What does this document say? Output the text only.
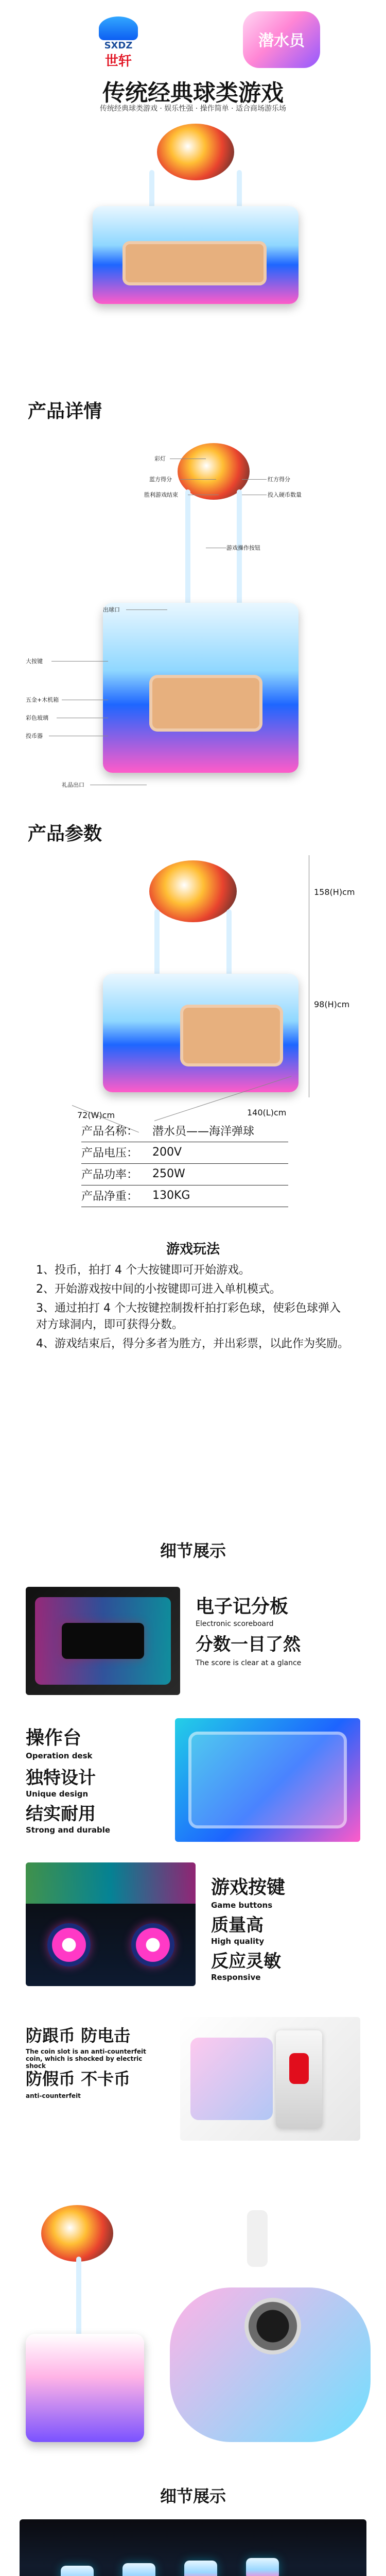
SXDZ
世轩
潜水员
传统经典球类游戏
传统经典球类游戏 · 娱乐性强 · 操作简单 · 适合商场游乐场
产品详情
彩灯
蓝方得分	红方得分
胜利游戏结束	投入硬币数量
游戏操作按钮
出球口
大按键
五金+木机箱
彩色玻璃
投币器
礼品出口
产品参数
158(H)cm
98(H)cm
72(W)cm	140(L)cm
产品名称：	潜水员——海洋弹球
产品电压：	200V
产品功率：	250W
产品净重：	130KG
游戏玩法
1、投币，拍打 4 个大按键即可开始游戏。
2、开始游戏按中间的小按键即可进入单机模式。
3、通过拍打 4 个大按键控制拨杆拍打彩色球，使彩色球弹入对方球洞内，即可获得分数。
4、游戏结束后，得分多者为胜方，并出彩票，以此作为奖励。
细节展示
电子记分板
Electronic scoreboard
分数一目了然
The score is clear at a glance
操作台
Operation desk
独特设计
Unique design
结实耐用
Strong and durable
游戏按键
Game buttons
质量高
High quality
反应灵敏
Responsive
防跟币 防电击
The coin slot is an anti-counterfeit coin, which is shocked by electric shock
防假币 不卡币
anti-counterfeit
细节展示
